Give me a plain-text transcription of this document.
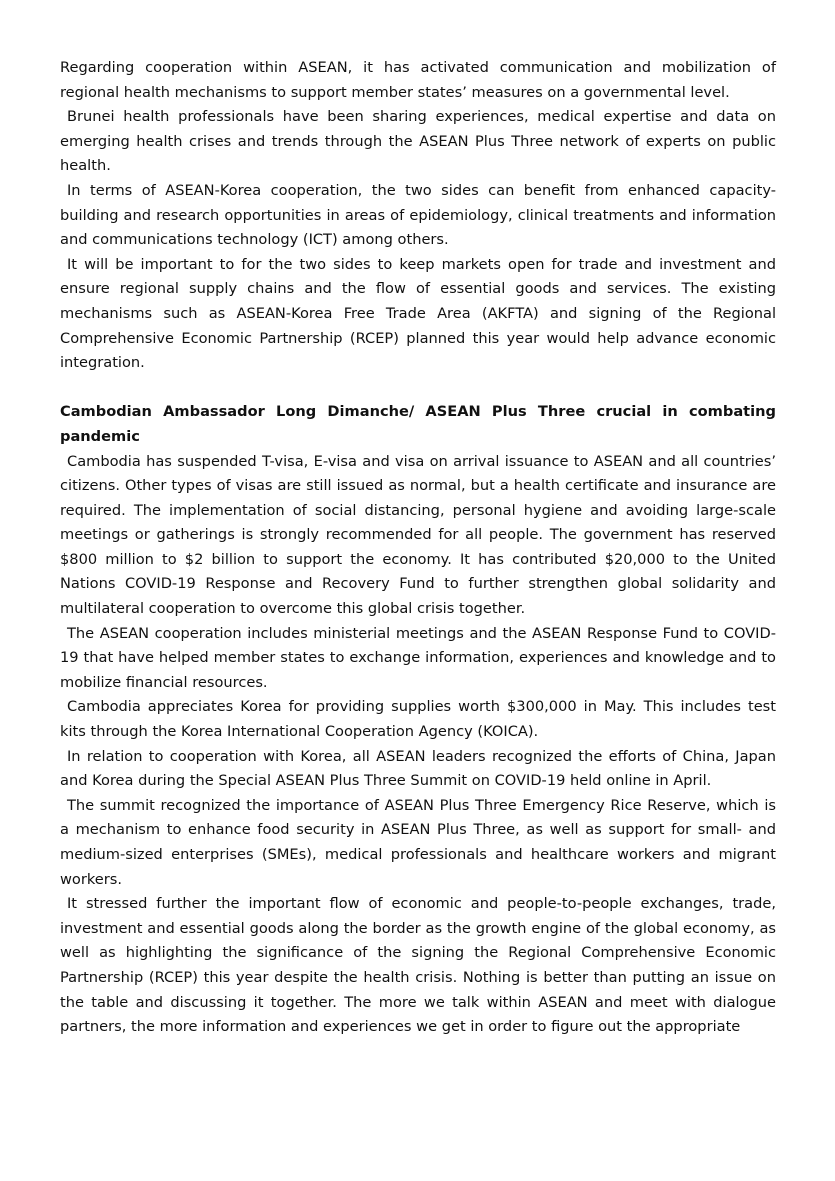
Regarding cooperation within ASEAN, it has activated communication and mobilization of regional health mechanisms to support member states’ measures on a governmental level.

Brunei health professionals have been sharing experiences, medical expertise and data on emerging health crises and trends through the ASEAN Plus Three network of experts on public health.

In terms of ASEAN-Korea cooperation, the two sides can benefit from enhanced capacity-building and research opportunities in areas of epidemiology, clinical treatments and information and communications technology (ICT) among others.

It will be important to for the two sides to keep markets open for trade and investment and ensure regional supply chains and the flow of essential goods and services. The existing mechanisms such as ASEAN-Korea Free Trade Area (AKFTA) and signing of the Regional Comprehensive Economic Partnership (RCEP) planned this year would help advance economic integration.

Cambodian Ambassador Long Dimanche/ ASEAN Plus Three crucial in combating pandemic

Cambodia has suspended T-visa, E-visa and visa on arrival issuance to ASEAN and all countries’ citizens. Other types of visas are still issued as normal, but a health certificate and insurance are required. The implementation of social distancing, personal hygiene and avoiding large-scale meetings or gatherings is strongly recommended for all people. The government has reserved $800 million to $2 billion to support the economy. It has contributed $20,000 to the United Nations COVID-19 Response and Recovery Fund to further strengthen global solidarity and multilateral cooperation to overcome this global crisis together.

The ASEAN cooperation includes ministerial meetings and the ASEAN Response Fund to COVID-19 that have helped member states to exchange information, experiences and knowledge and to mobilize financial resources.

Cambodia appreciates Korea for providing supplies worth $300,000 in May. This includes test kits through the Korea International Cooperation Agency (KOICA).

In relation to cooperation with Korea, all ASEAN leaders recognized the efforts of China, Japan and Korea during the Special ASEAN Plus Three Summit on COVID-19 held online in April.

The summit recognized the importance of ASEAN Plus Three Emergency Rice Reserve, which is a mechanism to enhance food security in ASEAN Plus Three, as well as support for small- and medium-sized enterprises (SMEs), medical professionals and healthcare workers and migrant workers.

It stressed further the important flow of economic and people-to-people exchanges, trade, investment and essential goods along the border as the growth engine of the global economy, as well as highlighting the significance of the signing the Regional Comprehensive Economic Partnership (RCEP) this year despite the health crisis. Nothing is better than putting an issue on the table and discussing it together. The more we talk within ASEAN and meet with dialogue partners, the more information and experiences we get in order to figure out the appropriate
